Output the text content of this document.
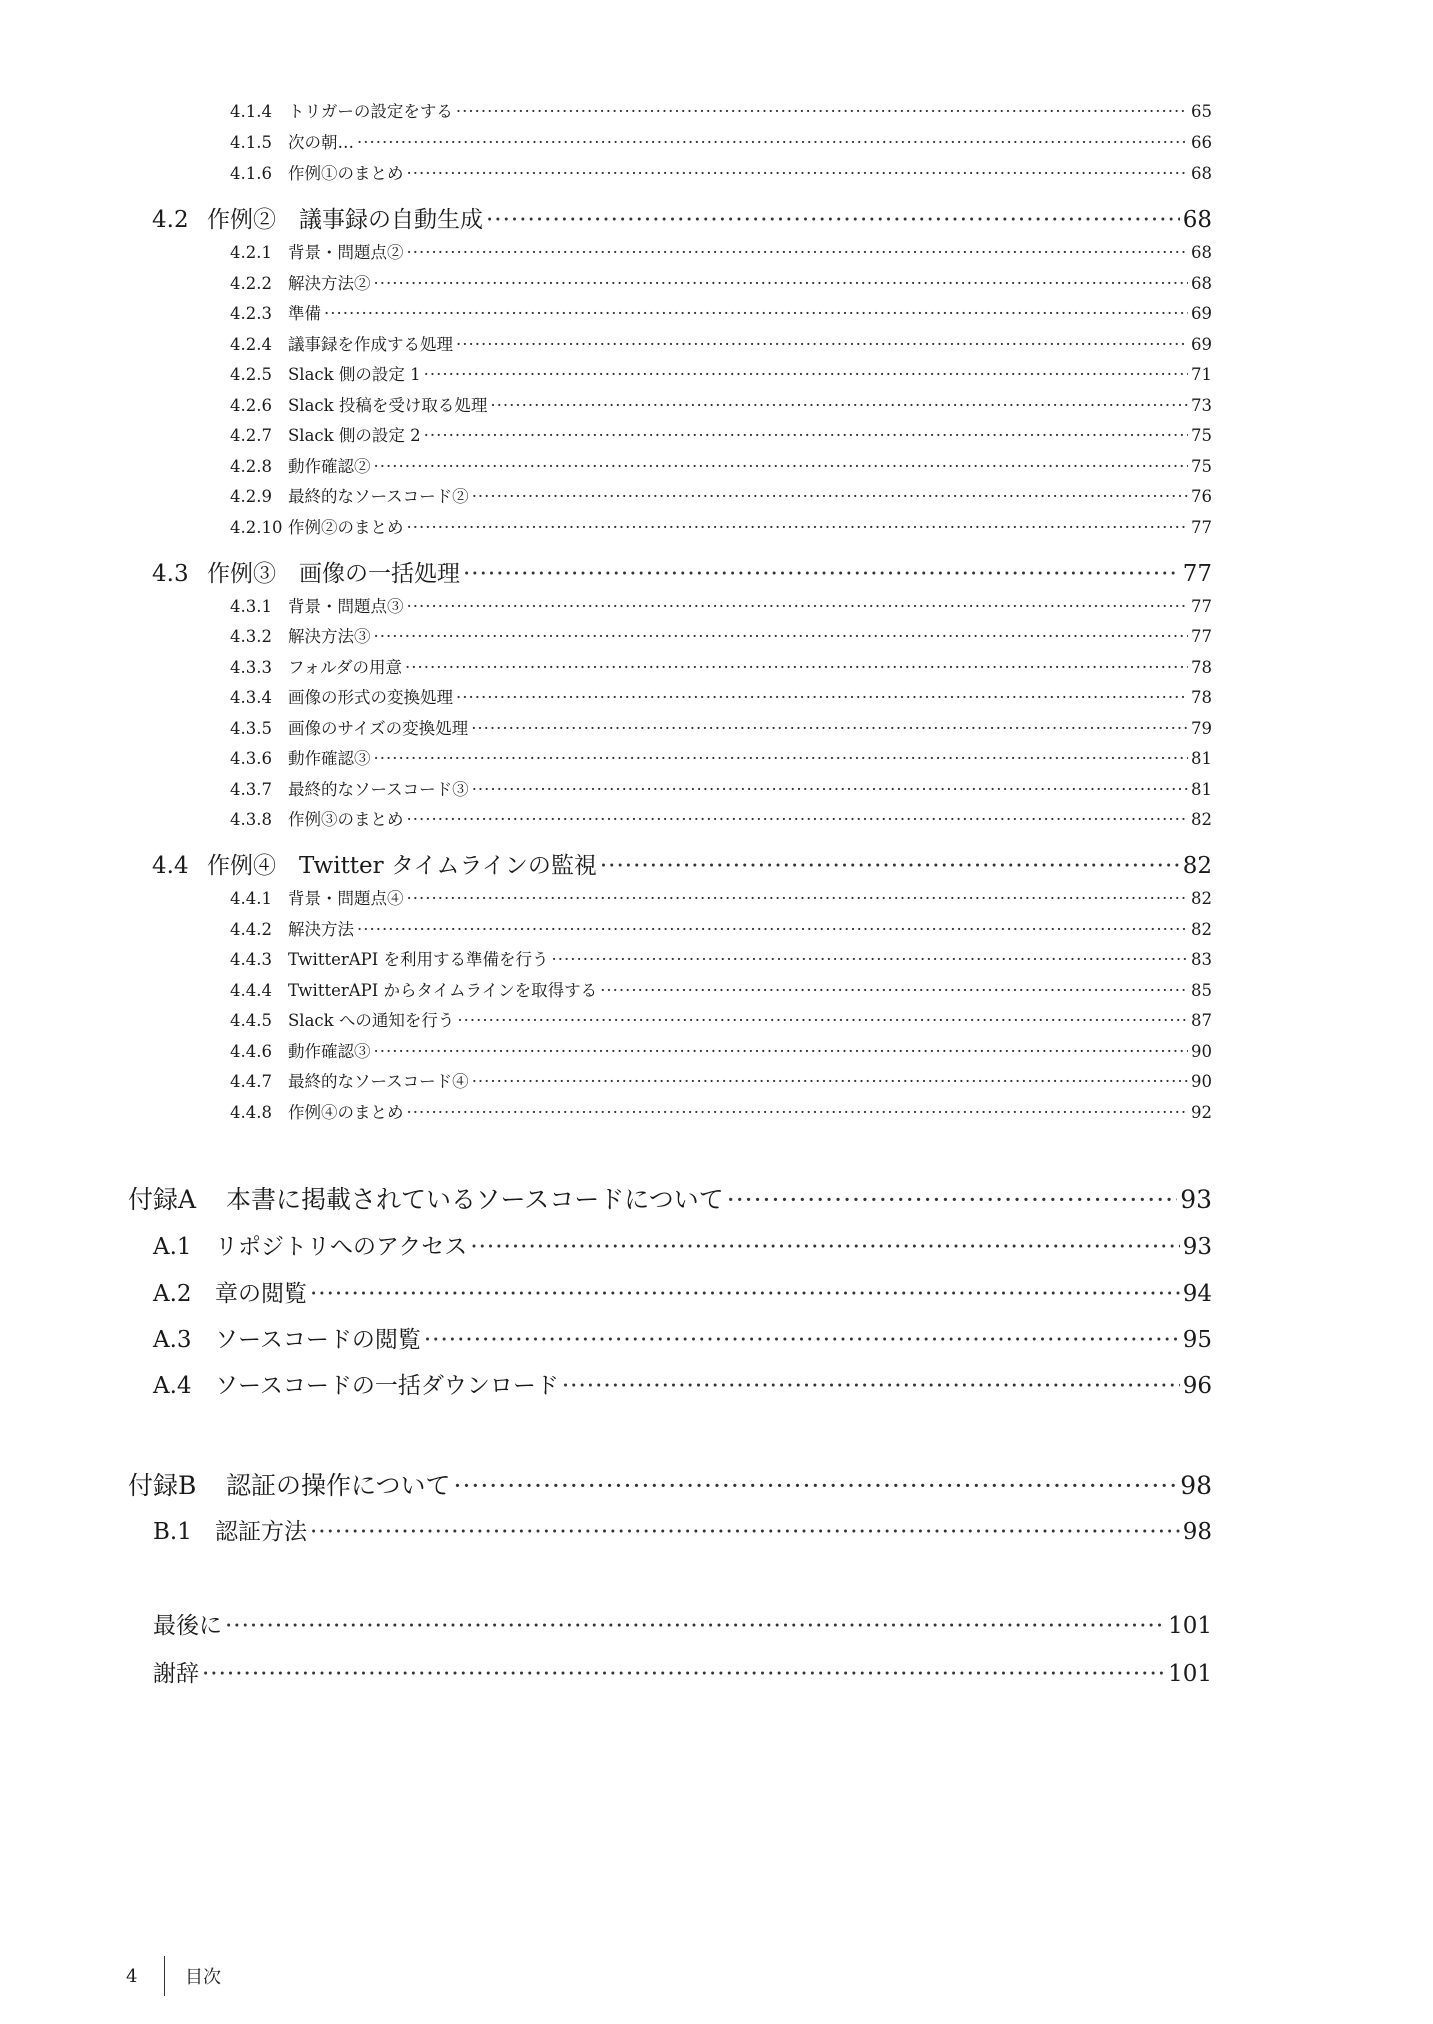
4.1.4 トリガーの設定をする ·····	65
4.1.5 次の朝… ·····	66
4.1.6 作例①のまとめ ·····	68
4.2 作例②　議事録の自動生成 ·····	68
4.2.1 背景・問題点② ·····	68
4.2.2 解決方法② ·····	68
4.2.3 準備 ·····	69
4.2.4 議事録を作成する処理 ·····	69
4.2.5 Slack 側の設定 1 ·····	71
4.2.6 Slack 投稿を受け取る処理 ·····	73
4.2.7 Slack 側の設定 2 ·····	75
4.2.8 動作確認② ·····	75
4.2.9 最終的なソースコード② ·····	76
4.2.10 作例②のまとめ ·····	77
4.3 作例③　画像の一括処理 ·····	77
4.3.1 背景・問題点③ ·····	77
4.3.2 解決方法③ ·····	77
4.3.3 フォルダの用意 ·····	78
4.3.4 画像の形式の変換処理 ·····	78
4.3.5 画像のサイズの変換処理 ·····	79
4.3.6 動作確認③ ·····	81
4.3.7 最終的なソースコード③ ·····	81
4.3.8 作例③のまとめ ·····	82
4.4 作例④　Twitter タイムラインの監視 ·····	82
4.4.1 背景・問題点④ ·····	82
4.4.2 解決方法 ·····	82
4.4.3 TwitterAPI を利用する準備を行う ·····	83
4.4.4 TwitterAPI からタイムラインを取得する ·····	85
4.4.5 Slack への通知を行う ·····	87
4.4.6 動作確認③ ·····	90
4.4.7 最終的なソースコード④ ·····	90
4.4.8 作例④のまとめ ·····	92
付録A	本書に掲載されているソースコードについて ·····	93
A.1	リポジトリへのアクセス ·····	93
A.2	章の閲覧 ·····	94
A.3	ソースコードの閲覧 ·····	95
A.4	ソースコードの一括ダウンロード ·····	96
付録B	認証の操作について ·····	98
B.1	認証方法 ·····	98
最後に ·····	101
謝辞 ·····	101
4	目次
